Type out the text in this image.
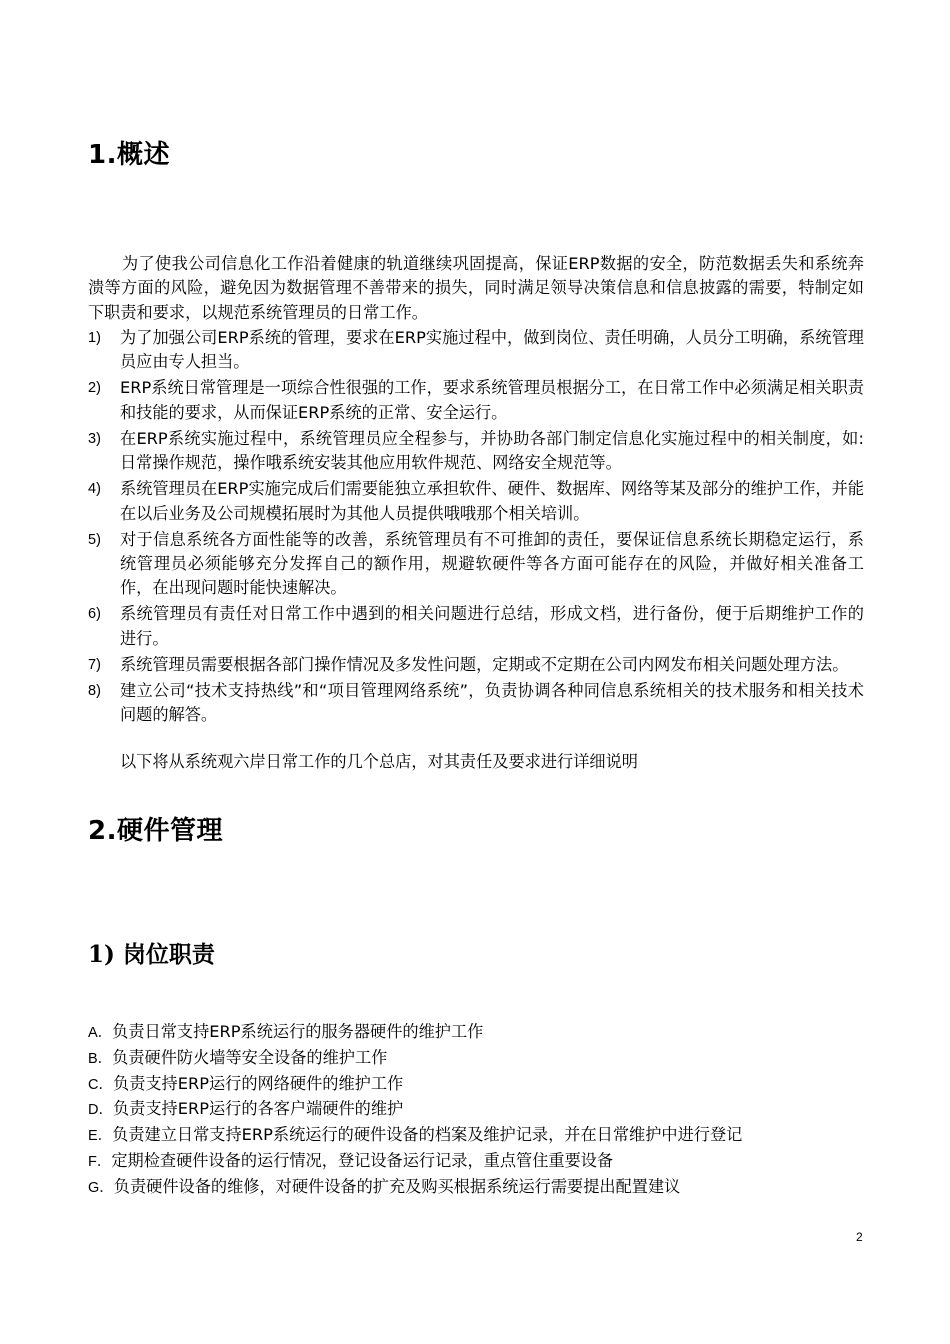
1.概述

为了使我公司信息化工作沿着健康的轨道继续巩固提高，保证ERP数据的安全，防范数据丢失和系统奔溃等方面的风险，避免因为数据管理不善带来的损失，同时满足领导决策信息和信息披露的需要，特制定如下职责和要求，以规范系统管理员的日常工作。

1) 为了加强公司ERP系统的管理，要求在ERP实施过程中，做到岗位、责任明确，人员分工明确，系统管理员应由专人担当。
2) ERP系统日常管理是一项综合性很强的工作，要求系统管理员根据分工，在日常工作中必须满足相关职责和技能的要求，从而保证ERP系统的正常、安全运行。
3) 在ERP系统实施过程中，系统管理员应全程参与，并协助各部门制定信息化实施过程中的相关制度，如:日常操作规范，操作哦系统安装其他应用软件规范、网络安全规范等。
4) 系统管理员在ERP实施完成后们需要能独立承担软件、硬件、数据库、网络等某及部分的维护工作，并能在以后业务及公司规模拓展时为其他人员提供哦哦那个相关培训。
5) 对于信息系统各方面性能等的改善，系统管理员有不可推卸的责任，要保证信息系统长期稳定运行，系统管理员必须能够充分发挥自己的额作用，规避软硬件等各方面可能存在的风险，并做好相关准备工作，在出现问题时能快速解决。
6) 系统管理员有责任对日常工作中遇到的相关问题进行总结，形成文档，进行备份，便于后期维护工作的进行。
7) 系统管理员需要根据各部门操作情况及多发性问题，定期或不定期在公司内网发布相关问题处理方法。
8) 建立公司“技术支持热线”和“项目管理网络系统”，负责协调各种同信息系统相关的技术服务和相关技术问题的解答。

以下将从系统观六岸日常工作的几个总店，对其责任及要求进行详细说明

2.硬件管理
1) 岗位职责
A．负责日常支持ERP系统运行的服务器硬件的维护工作
B．负责硬件防火墙等安全设备的维护工作
C．负责支持ERP运行的网络硬件的维护工作
D．负责支持ERP运行的各客户端硬件的维护
E．负责建立日常支持ERP系统运行的硬件设备的档案及维护记录，并在日常维护中进行登记
F．定期检查硬件设备的运行情况，登记设备运行记录，重点管住重要设备
G．负责硬件设备的维修，对硬件设备的扩充及购买根据系统运行需要提出配置建议
2
